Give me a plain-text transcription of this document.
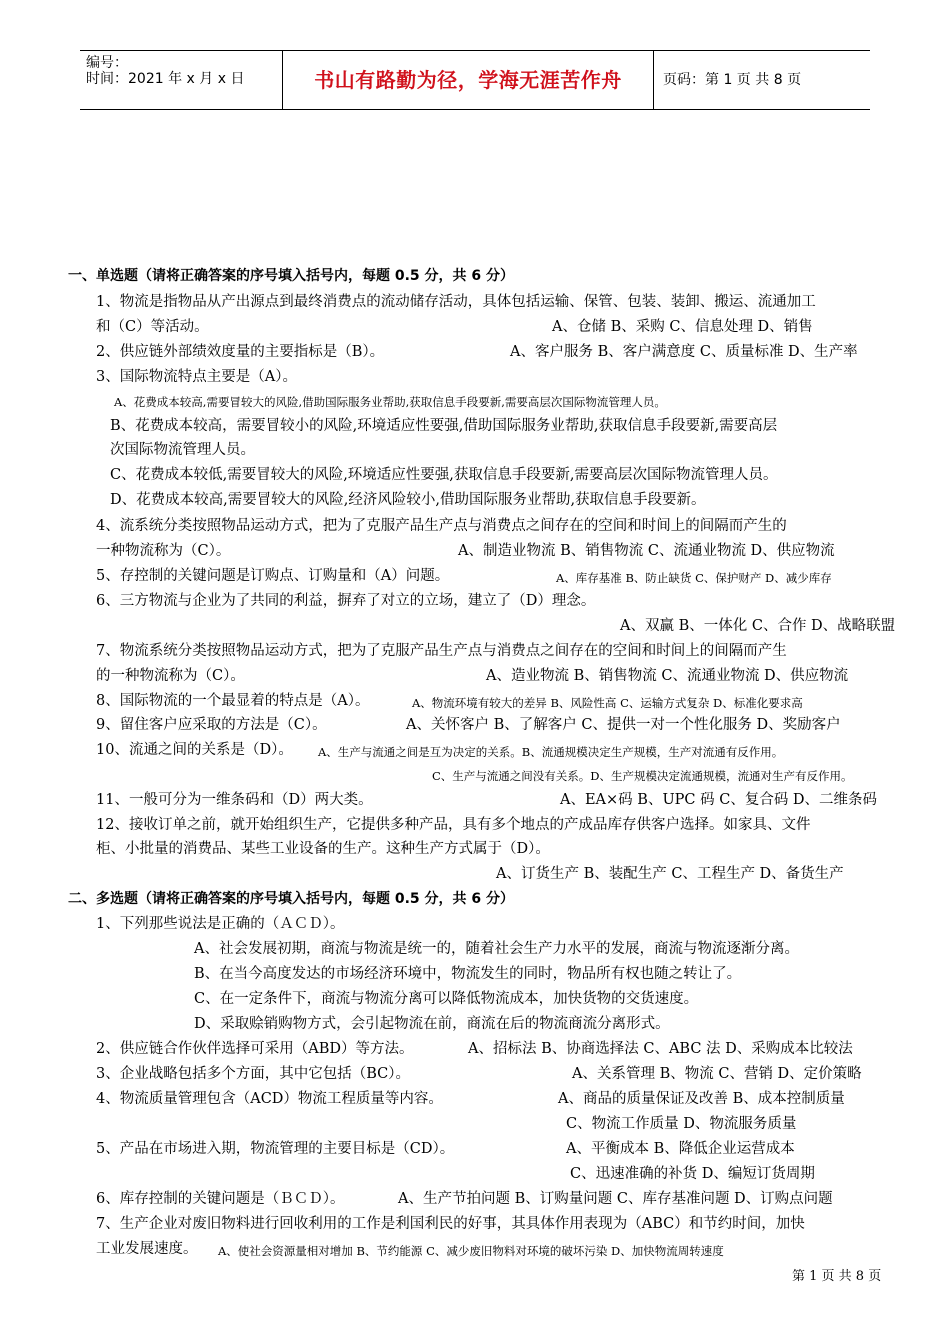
编号：
时间：2021 年 x 月 x 日	书山有路勤为径，学海无涯苦作舟	页码：第 1 页 共 8 页
一、单选题（请将正确答案的序号填入括号内，每题 0.5 分，共 6 分）
1、物流是指物品从产出源点到最终消费点的流动储存活动，具体包括运输、保管、包装、装卸、搬运、流通加工
和（C）等活动。	A、仓储 B、采购 C、信息处理 D、销售
2、供应链外部绩效度量的主要指标是（B）。	A、客户服务 B、客户满意度 C、质量标准 D、生产率
3、国际物流特点主要是（A）。
A、花费成本较高,需要冒较大的风险,借助国际服务业帮助,获取信息手段要新,需要高层次国际物流管理人员。
B、花费成本较高，需要冒较小的风险,环境适应性要强,借助国际服务业帮助,获取信息手段要新,需要高层
次国际物流管理人员。
C、花费成本较低,需要冒较大的风险,环境适应性要强,获取信息手段要新,需要高层次国际物流管理人员。
D、花费成本较高,需要冒较大的风险,经济风险较小,借助国际服务业帮助,获取信息手段要新。
4、流系统分类按照物品运动方式，把为了克服产品生产点与消费点之间存在的空间和时间上的间隔而产生的
一种物流称为（C）。	A、制造业物流 B、销售物流 C、流通业物流 D、供应物流
5、存控制的关键问题是订购点、订购量和（A）问题。	A、库存基准 B、防止缺货 C、保护财产 D、减少库存
6、三方物流与企业为了共同的利益，摒弃了对立的立场，建立了（D）理念。
A、双赢 B、一体化 C、合作 D、战略联盟
7、物流系统分类按照物品运动方式，把为了克服产品生产点与消费点之间存在的空间和时间上的间隔而产生
的一种物流称为（C）。	A、造业物流 B、销售物流 C、流通业物流 D、供应物流
8、国际物流的一个最显着的特点是（A）。	A、物流环境有较大的差异 B、风险性高 C、运输方式复杂 D、标准化要求高
9、留住客户应采取的方法是（C）。	A、关怀客户 B、了解客户 C、提供一对一个性化服务 D、奖励客户
10、流通之间的关系是（D）。 A、生产与流通之间是互为决定的关系。B、流通规模决定生产规模，生产对流通有反作用。
C、生产与流通之间没有关系。D、生产规模决定流通规模，流通对生产有反作用。
11、一般可分为一维条码和（D）两大类。	A、EA×码 B、UPC 码 C、复合码 D、二维条码
12、接收订单之前，就开始组织生产，它提供多种产品，具有多个地点的产成品库存供客户选择。如家具、文件
柜、小批量的消费品、某些工业设备的生产。这种生产方式属于（D）。
A、订货生产 B、装配生产 C、工程生产 D、备货生产
二、多选题（请将正确答案的序号填入括号内，每题 0.5 分，共 6 分）
1、下列那些说法是正确的（ＡＣＤ）。
A、社会发展初期，商流与物流是统一的，随着社会生产力水平的发展，商流与物流逐渐分离。
B、在当今高度发达的市场经济环境中，物流发生的同时，物品所有权也随之转让了。
C、在一定条件下，商流与物流分离可以降低物流成本，加快货物的交货速度。
D、采取赊销购物方式，会引起物流在前，商流在后的物流商流分离形式。
2、供应链合作伙伴选择可采用（ABD）等方法。	A、招标法 B、协商选择法 C、ABC 法 D、采购成本比较法
3、企业战略包括多个方面，其中它包括（BC）。	A、关系管理 B、物流 C、营销 D、定价策略
4、物流质量管理包含（ACD）物流工程质量等内容。	A、商品的质量保证及改善 B、成本控制质量
C、物流工作质量 D、物流服务质量
5、产品在市场进入期，物流管理的主要目标是（CD）。	A、平衡成本 B、降低企业运营成本
C、迅速准确的补货 D、编短订货周期
6、库存控制的关键问题是（ＢＣＤ）。	A、生产节拍问题 B、订购量问题 C、库存基准问题 D、订购点问题
7、生产企业对废旧物料进行回收利用的工作是利国利民的好事，其具体作用表现为（ABC）和节约时间，加快
工业发展速度。 A、使社会资源量相对增加 B、节约能源 C、减少废旧物料对环境的破坏污染 D、加快物流周转速度
第 1 页 共 8 页
